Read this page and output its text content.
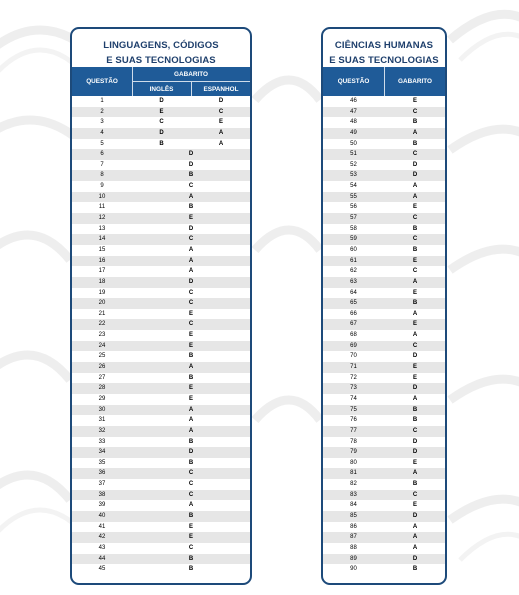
LINGUAGENS, CÓDIGOS
E SUAS TECNOLOGIAS
QUESTÃO
GABARITO
INGLÊS	ESPANHOL
1	D	D
2	E	C
3	C	E
4	D	A
5	B	A
6	D
7	D
8	B
9	C
10	A
11	B
12	E
13	D
14	C
15	A
16	A
17	A
18	D
19	C
20	C
21	E
22	C
23	E
24	E
25	B
26	A
27	B
28	E
29	E
30	A
31	A
32	A
33	B
34	D
35	B
36	C
37	C
38	C
39	A
40	B
41	E
42	E
43	C
44	B
45	B
CIÊNCIAS HUMANAS
E SUAS TECNOLOGIAS
QUESTÃO	GABARITO
46	E
47	C
48	B
49	A
50	B
51	C
52	D
53	D
54	A
55	A
56	E
57	C
58	B
59	C
60	B
61	E
62	C
63	A
64	E
65	B
66	A
67	E
68	A
69	C
70	D
71	E
72	E
73	D
74	A
75	B
76	B
77	C
78	D
79	D
80	E
81	A
82	B
83	C
84	E
85	D
86	A
87	A
88	A
89	D
90	B
